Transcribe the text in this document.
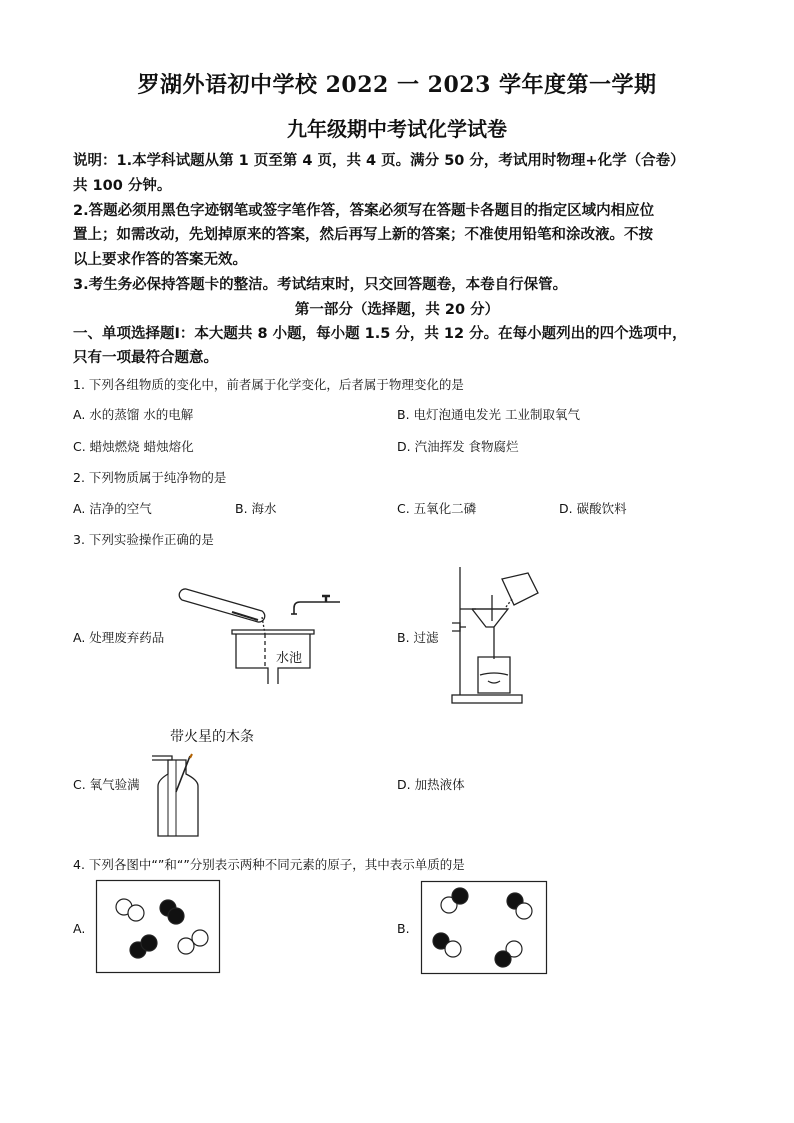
罗湖外语初中学校 2022 一 2023 学年度第一学期
九年级期中考试化学试卷
说明：1.本学科试题从第 1 页至第 4 页，共 4 页。满分 50 分，考试用时物理+化学（合卷）
共 100 分钟。
2.答题必须用黑色字迹钢笔或签字笔作答，答案必须写在答题卡各题目的指定区域内相应位
置上；如需改动，先划掉原来的答案，然后再写上新的答案；不准使用铅笔和涂改液。不按
以上要求作答的答案无效。
3.考生务必保持答题卡的整洁。考试结束时，只交回答题卷，本卷自行保管。
第一部分（选择题，共 20 分）
一、单项选择题Ⅰ：本大题共 8 小题，每小题 1.5 分，共 12 分。在每小题列出的四个选项中，
只有一项最符合题意。
1. 下列各组物质的变化中，前者属于化学变化，后者属于物理变化的是
A. 水的蒸馏 水的电解	B. 电灯泡通电发光 工业制取氧气
C. 蜡烛燃烧 蜡烛熔化	D. 汽油挥发 食物腐烂
2. 下列物质属于纯净物的是
A. 洁净的空气	B. 海水	C. 五氧化二磷	D. 碳酸饮料
3. 下列实验操作正确的是
A. 处理废弃药品
水池
B. 过滤
带火星的木条
C. 氧气验满	D. 加热液体
4. 下列各图中“”和“”分别表示两种不同元素的原子，其中表示单质的是
A.	B.
